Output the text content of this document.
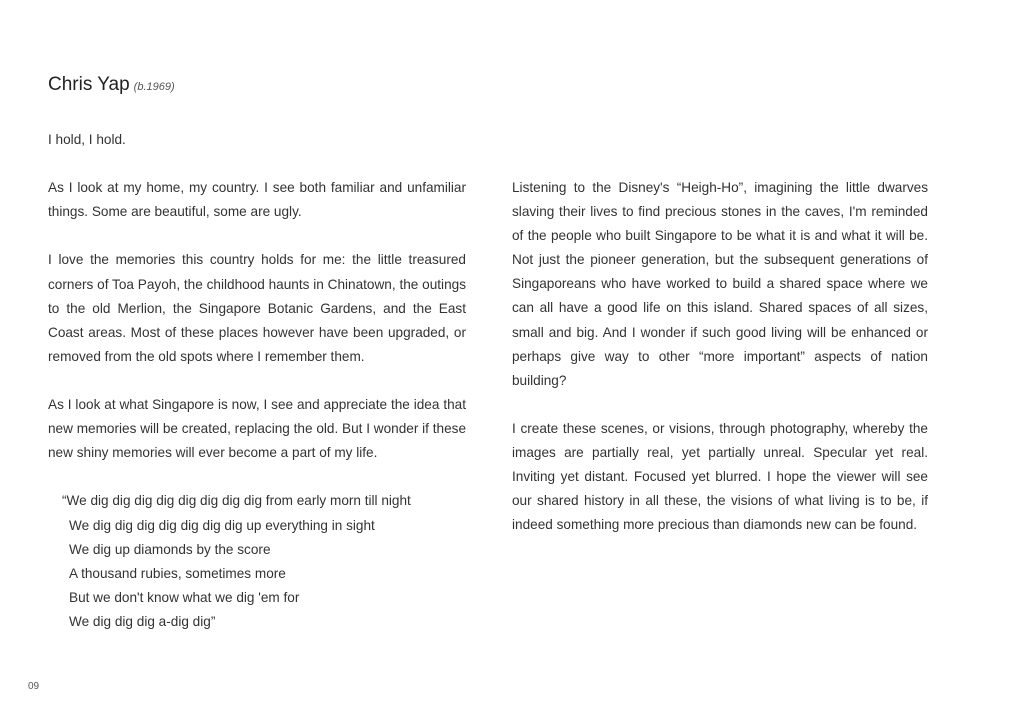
Chris Yap (b.1969)

I hold, I hold.

As I look at my home, my country. I see both familiar and unfamiliar things. Some are beautiful, some are ugly.

I love the memories this country holds for me: the little treasured corners of Toa Payoh, the childhood haunts in Chinatown, the outings to the old Merlion, the Singapore Botanic Gardens, and the East Coast areas. Most of these places however have been upgraded, or removed from the old spots where I remember them.

As I look at what Singapore is now, I see and appreciate the idea that new memories will be created, replacing the old. But I wonder if these new shiny memories will ever become a part of my life.

“We dig dig dig dig dig dig dig dig from early morn till night
We dig dig dig dig dig dig dig up everything in sight
We dig up diamonds by the score
A thousand rubies, sometimes more
But we don't know what we dig 'em for
We dig dig dig a-dig dig”

Listening to the Disney's “Heigh-Ho”, imagining the little dwarves slaving their lives to find precious stones in the caves, I'm reminded of the people who built Singapore to be what it is and what it will be. Not just the pioneer generation, but the subsequent generations of Singaporeans who have worked to build a shared space where we can all have a good life on this island. Shared spaces of all sizes, small and big. And I wonder if such good living will be enhanced or perhaps give way to other “more important” aspects of nation building?

I create these scenes, or visions, through photography, whereby the images are partially real, yet partially unreal. Specular yet real. Inviting yet distant. Focused yet blurred. I hope the viewer will see our shared history in all these, the visions of what living is to be, if indeed something more precious than diamonds new can be found.

09
